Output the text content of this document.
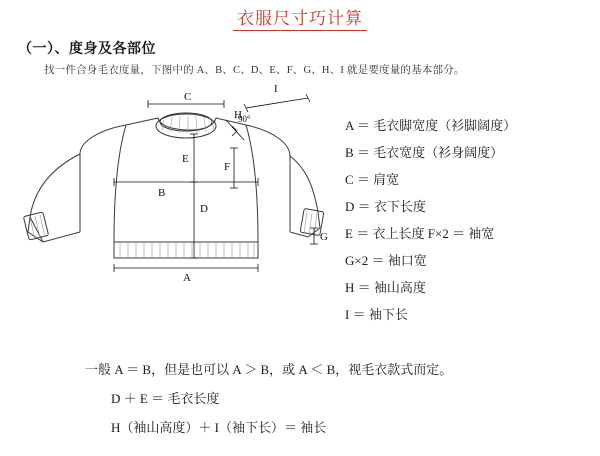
衣服尺寸巧计算
（一）、度身及各部位
找一件合身毛衣度量，下图中的 A、B、C、D、E、F、G、H、I 就是要度量的基本部分。
A
B
C
D
E
F
G
H
I
90°	A ＝ 毛衣脚宽度（衫脚阔度）
B ＝ 毛衣宽度（衫身阔度）
C ＝ 肩宽
D ＝ 衣下长度
E ＝ 衣上长度 F×2 ＝ 袖宽
G×2 ＝ 袖口宽
H ＝ 袖山高度
I ＝ 袖下长
一般 A ＝ B，但是也可以 A ＞ B，或 A ＜ B，视毛衣款式而定。
D ＋ E ＝ 毛衣长度
H（袖山高度）＋ I（袖下长）＝ 袖长
